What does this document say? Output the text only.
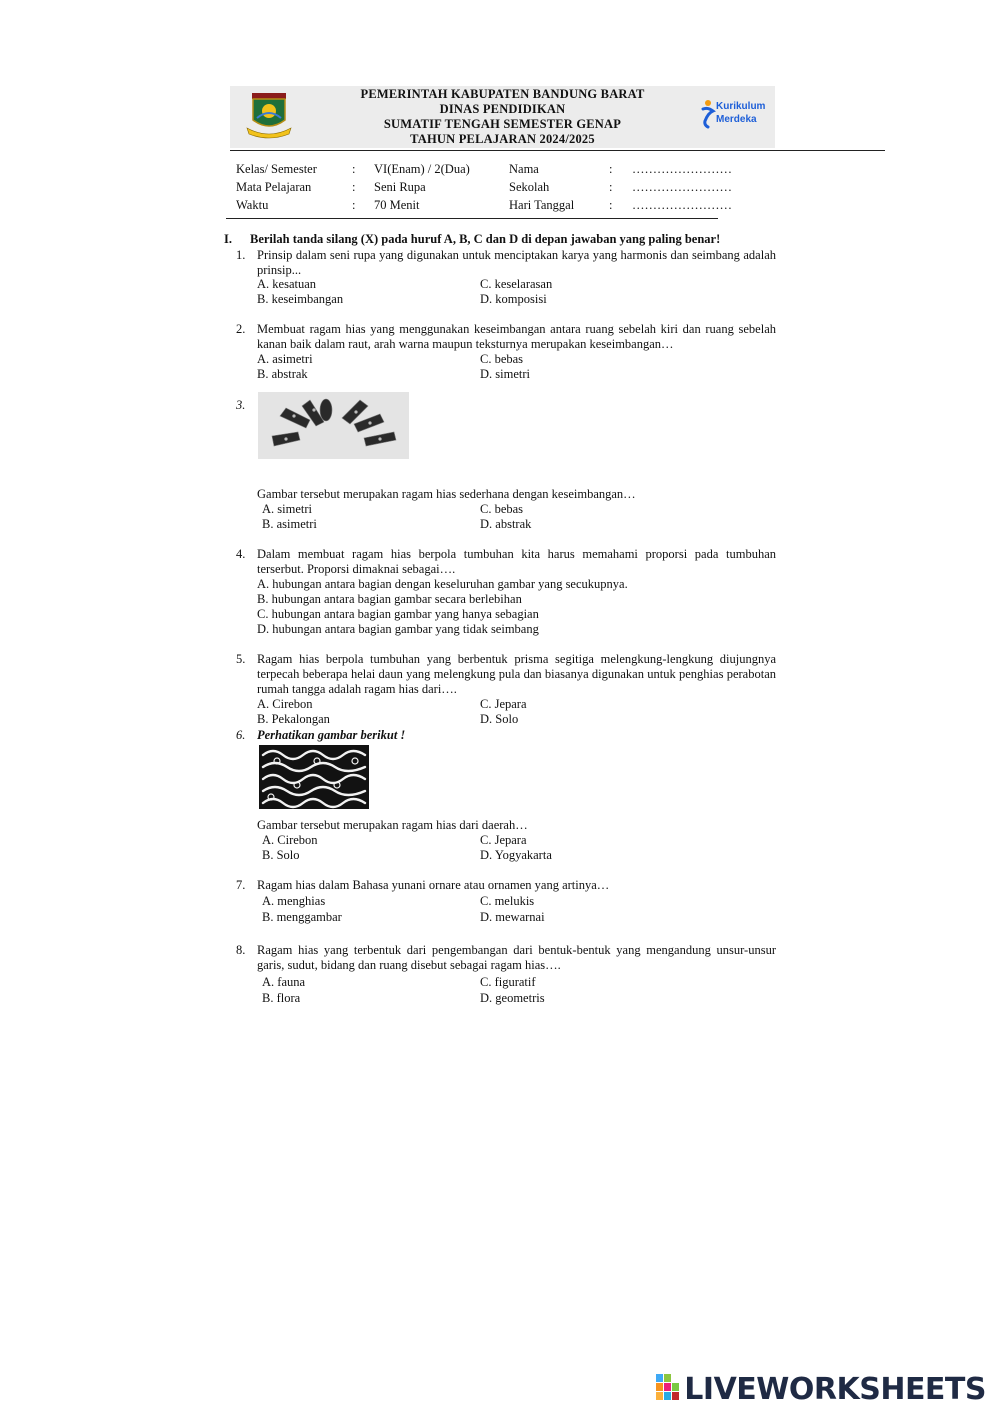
PEMERINTAH KABUPATEN BANDUNG BARAT
DINAS PENDIDIKAN
SUMATIF TENGAH SEMESTER GENAP
TAHUN PELAJARAN 2024/2025
Kurikulum
Merdeka
Kelas/ Semester	: VI(Enam) / 2(Dua)	Nama	: ……………………
Mata Pelajaran	: Seni Rupa	Sekolah	: ……………………
Waktu	: 70 Menit	Hari Tanggal	: ……………………
I. Berilah tanda silang (X) pada huruf A, B, C dan D di depan jawaban yang paling benar!
1. Prinsip dalam seni rupa yang digunakan untuk menciptakan karya yang harmonis dan seimbang adalah prinsip...
A. kesatuan
B. keseimbangan
C. keselarasan
D. komposisi
2. Membuat ragam hias yang menggunakan keseimbangan antara ruang sebelah kiri dan ruang sebelah kanan baik dalam raut, arah warna maupun teksturnya merupakan keseimbangan…
A. asimetri
B. abstrak
C. bebas
D. simetri
3.
Gambar tersebut merupakan ragam hias sederhana dengan keseimbangan…
A. simetri
B. asimetri
C. bebas
D. abstrak
4. Dalam membuat ragam hias berpola tumbuhan kita harus memahami proporsi pada tumbuhan terserbut. Proporsi dimaknai sebagai….
A. hubungan antara bagian dengan keseluruhan gambar yang secukupnya.
B. hubungan antara bagian gambar secara berlebihan
C. hubungan antara bagian gambar yang hanya sebagian
D. hubungan antara bagian gambar yang tidak seimbang
5. Ragam hias berpola tumbuhan yang berbentuk prisma segitiga melengkung-lengkung diujungnya terpecah beberapa helai daun yang melengkung pula dan biasanya digunakan untuk penghias perabotan rumah tangga adalah ragam hias dari….
A. Cirebon
B. Pekalongan
C. Jepara
D. Solo
6. Perhatikan gambar berikut !
Gambar tersebut merupakan ragam hias dari daerah…
A. Cirebon
B. Solo
C. Jepara
D. Yogyakarta
7. Ragam hias dalam Bahasa yunani ornare atau ornamen yang artinya…
A. menghias
B. menggambar
C. melukis
D. mewarnai
8. Ragam hias yang terbentuk dari pengembangan dari bentuk-bentuk yang mengandung unsur-unsur garis, sudut, bidang dan ruang disebut sebagai ragam hias….
A. fauna
B. flora
C. figuratif
D. geometris
LIVEWORKSHEETS
